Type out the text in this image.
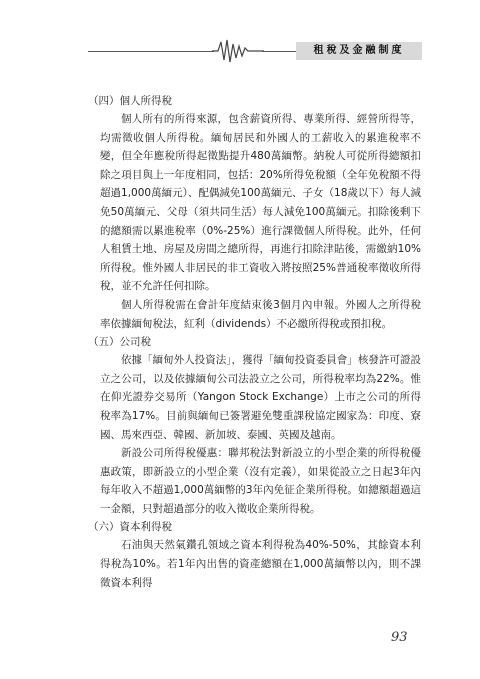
租稅及金融制度
（四）個人所得稅

個人所有的所得來源，包含薪資所得、專業所得、經營所得等，均需徵收個人所得稅。緬甸居民和外國人的工薪收入的累進稅率不變，但全年應稅所得起徵點提升480萬緬幣。納稅人可從所得總額扣除之項目與上一年度相同，包括：20%所得免稅額（全年免稅額不得超過1,000萬緬元）、配偶減免100萬緬元、子女（18歲以下）每人減免50萬緬元、父母（須共同生活）每人減免100萬緬元。扣除後剩下的總額需以累進稅率（0%-25%）進行課徵個人所得稅。此外，任何人租賃土地、房屋及房間之總所得，再進行扣除津貼後，需繳納10%所得稅。惟外國人非居民的非工資收入將按照25%普通稅率徵收所得稅，並不允許任何扣除。

個人所得稅需在會計年度結束後3個月內申報。外國人之所得稅率依據緬甸稅法，紅利（dividends）不必繳所得稅或預扣稅。

（五）公司稅

依據「緬甸外人投資法」，獲得「緬甸投資委員會」核發許可證設立之公司，以及依據緬甸公司法設立之公司，所得稅率均為22%。惟在仰光證券交易所（Yangon Stock Exchange）上市之公司的所得稅率為17%。目前與緬甸已簽署避免雙重課稅協定國家為：印度、寮國、馬來西亞、韓國、新加坡、泰國、英國及越南。

新設公司所得稅優惠：聯邦稅法對新設立的小型企業的所得稅優惠政策，即新設立的小型企業（沒有定義），如果從設立之日起3年內每年收入不超過1,000萬緬幣的3年內免征企業所得稅。如總額超過這一金額，只對超過部分的收入徵收企業所得稅。

（六）資本利得稅

石油與天然氣鑽孔領域之資本利得稅為40%-50%，其餘資本利得稅為10%。若1年內出售的資產總額在1,000萬緬幣以內，則不課徵資本利得

93
